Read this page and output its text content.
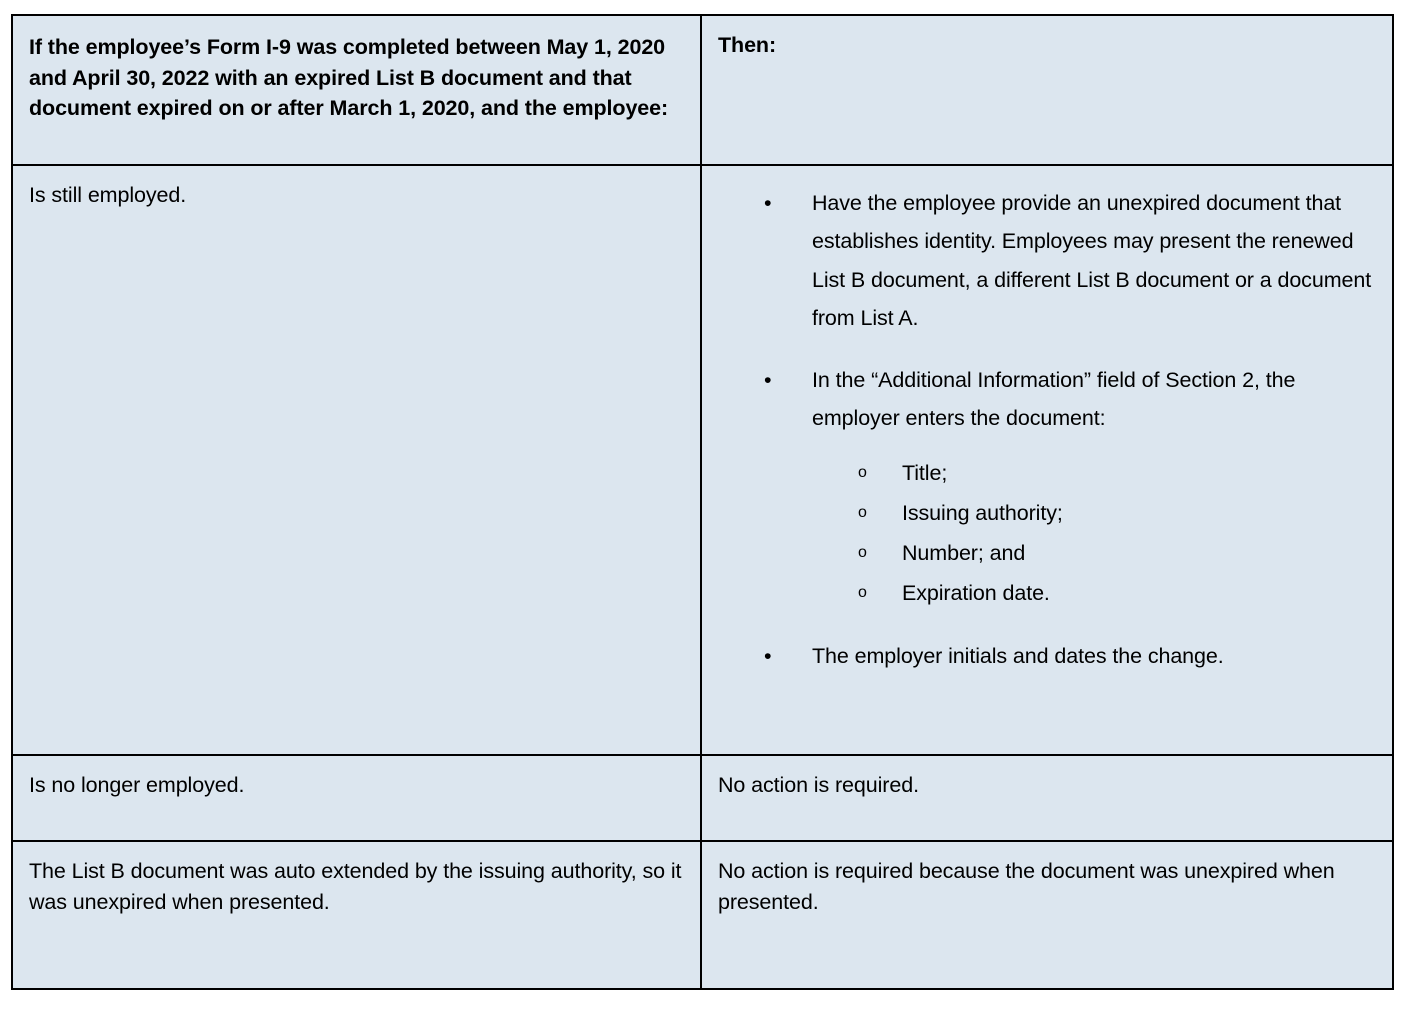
If the employee’s Form I-9 was completed between May 1, 2020 and April 30, 2022 with an expired List B document and that document expired on or after March 1, 2020, and the employee:	Then:

Is still employed.	• Have the employee provide an unexpired document that establishes identity. Employees may present the renewed List B document, a different List B document or a document from List A.
• In the “Additional Information” field of Section 2, the employer enters the document:
o Title;
o Issuing authority;
o Number; and
o Expiration date.
• The employer initials and dates the change.

Is no longer employed.	No action is required.

The List B document was auto extended by the issuing authority, so it was unexpired when presented.	No action is required because the document was unexpired when presented.
